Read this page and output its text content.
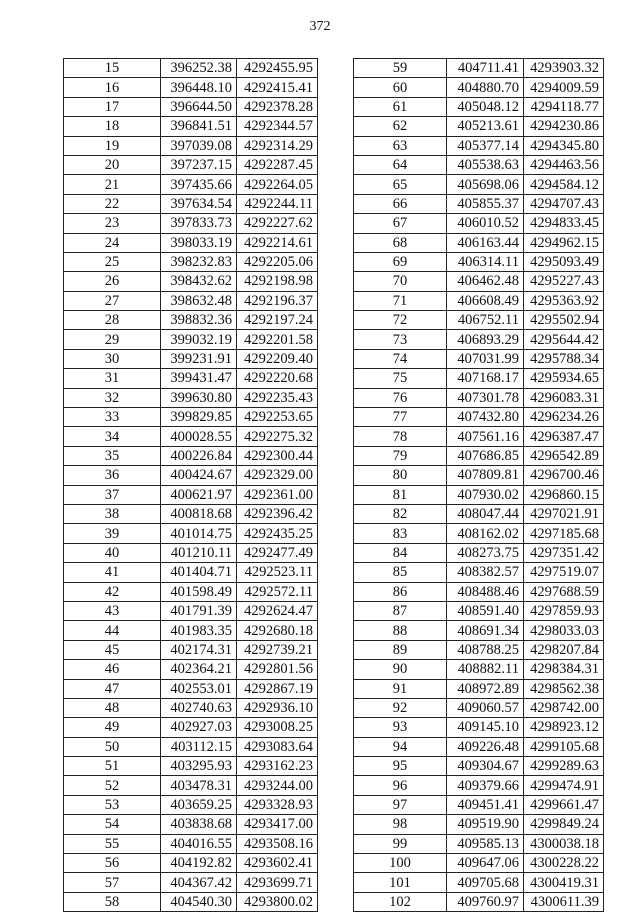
372
15	396252.38	4292455.95
16	396448.10	4292415.41
17	396644.50	4292378.28
18	396841.51	4292344.57
19	397039.08	4292314.29
20	397237.15	4292287.45
21	397435.66	4292264.05
22	397634.54	4292244.11
23	397833.73	4292227.62
24	398033.19	4292214.61
25	398232.83	4292205.06
26	398432.62	4292198.98
27	398632.48	4292196.37
28	398832.36	4292197.24
29	399032.19	4292201.58
30	399231.91	4292209.40
31	399431.47	4292220.68
32	399630.80	4292235.43
33	399829.85	4292253.65
34	400028.55	4292275.32
35	400226.84	4292300.44
36	400424.67	4292329.00
37	400621.97	4292361.00
38	400818.68	4292396.42
39	401014.75	4292435.25
40	401210.11	4292477.49
41	401404.71	4292523.11
42	401598.49	4292572.11
43	401791.39	4292624.47
44	401983.35	4292680.18
45	402174.31	4292739.21
46	402364.21	4292801.56
47	402553.01	4292867.19
48	402740.63	4292936.10
49	402927.03	4293008.25
50	403112.15	4293083.64
51	403295.93	4293162.23
52	403478.31	4293244.00
53	403659.25	4293328.93
54	403838.68	4293417.00
55	404016.55	4293508.16
56	404192.82	4293602.41
57	404367.42	4293699.71
58	404540.30	4293800.02
59	404711.41	4293903.32
60	404880.70	4294009.59
61	405048.12	4294118.77
62	405213.61	4294230.86
63	405377.14	4294345.80
64	405538.63	4294463.56
65	405698.06	4294584.12
66	405855.37	4294707.43
67	406010.52	4294833.45
68	406163.44	4294962.15
69	406314.11	4295093.49
70	406462.48	4295227.43
71	406608.49	4295363.92
72	406752.11	4295502.94
73	406893.29	4295644.42
74	407031.99	4295788.34
75	407168.17	4295934.65
76	407301.78	4296083.31
77	407432.80	4296234.26
78	407561.16	4296387.47
79	407686.85	4296542.89
80	407809.81	4296700.46
81	407930.02	4296860.15
82	408047.44	4297021.91
83	408162.02	4297185.68
84	408273.75	4297351.42
85	408382.57	4297519.07
86	408488.46	4297688.59
87	408591.40	4297859.93
88	408691.34	4298033.03
89	408788.25	4298207.84
90	408882.11	4298384.31
91	408972.89	4298562.38
92	409060.57	4298742.00
93	409145.10	4298923.12
94	409226.48	4299105.68
95	409304.67	4299289.63
96	409379.66	4299474.91
97	409451.41	4299661.47
98	409519.90	4299849.24
99	409585.13	4300038.18
100	409647.06	4300228.22
101	409705.68	4300419.31
102	409760.97	4300611.39
